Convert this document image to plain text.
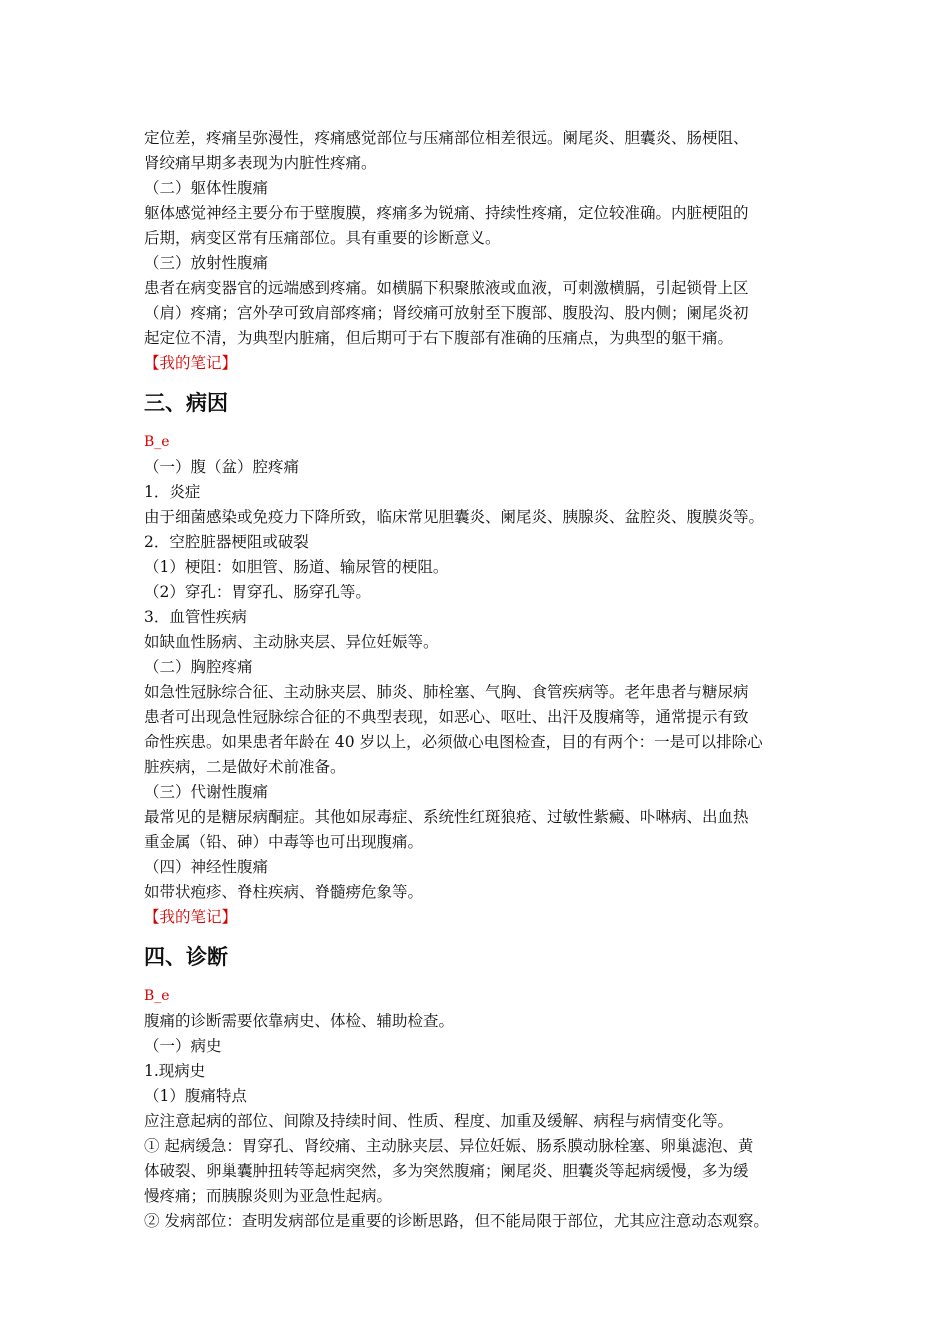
定位差，疼痛呈弥漫性，疼痛感觉部位与压痛部位相差很远。阑尾炎、胆囊炎、肠梗阻、
肾绞痛早期多表现为内脏性疼痛。
（二）躯体性腹痛
躯体感觉神经主要分布于壁腹膜，疼痛多为锐痛、持续性疼痛，定位较准确。内脏梗阻的
后期，病变区常有压痛部位。具有重要的诊断意义。
（三）放射性腹痛
患者在病变器官的远端感到疼痛。如横膈下积聚脓液或血液，可刺激横膈，引起锁骨上区
（肩）疼痛；宫外孕可致肩部疼痛；肾绞痛可放射至下腹部、腹股沟、股内侧；阑尾炎初
起定位不清，为典型内脏痛，但后期可于右下腹部有准确的压痛点，为典型的躯干痛。
【我的笔记】
三、病因
B_e
（一）腹（盆）腔疼痛
1．炎症
由于细菌感染或免疫力下降所致，临床常见胆囊炎、阑尾炎、胰腺炎、盆腔炎、腹膜炎等。
2．空腔脏器梗阻或破裂
（1）梗阻：如胆管、肠道、输尿管的梗阻。
（2）穿孔：胃穿孔、肠穿孔等。
3．血管性疾病
如缺血性肠病、主动脉夹层、异位妊娠等。
（二）胸腔疼痛
如急性冠脉综合征、主动脉夹层、肺炎、肺栓塞、气胸、食管疾病等。老年患者与糖尿病
患者可出现急性冠脉综合征的不典型表现，如恶心、呕吐、出汗及腹痛等，通常提示有致
命性疾患。如果患者年龄在 40 岁以上，必须做心电图检查，目的有两个：一是可以排除心
脏疾病，二是做好术前准备。
（三）代谢性腹痛
最常见的是糖尿病酮症。其他如尿毒症、系统性红斑狼疮、过敏性紫癜、卟啉病、出血热
重金属（铅、砷）中毒等也可出现腹痛。
（四）神经性腹痛
如带状疱疹、脊柱疾病、脊髓痨危象等。
【我的笔记】
四、诊断
B_e
腹痛的诊断需要依靠病史、体检、辅助检查。
（一）病史
1.现病史
（1）腹痛特点
应注意起病的部位、间隙及持续时间、性质、程度、加重及缓解、病程与病情变化等。
① 起病缓急：胃穿孔、肾绞痛、主动脉夹层、异位妊娠、肠系膜动脉栓塞、卵巢滤泡、黄
体破裂、卵巢囊肿扭转等起病突然，多为突然腹痛；阑尾炎、胆囊炎等起病缓慢，多为缓
慢疼痛；而胰腺炎则为亚急性起病。
② 发病部位：查明发病部位是重要的诊断思路，但不能局限于部位，尤其应注意动态观察。
